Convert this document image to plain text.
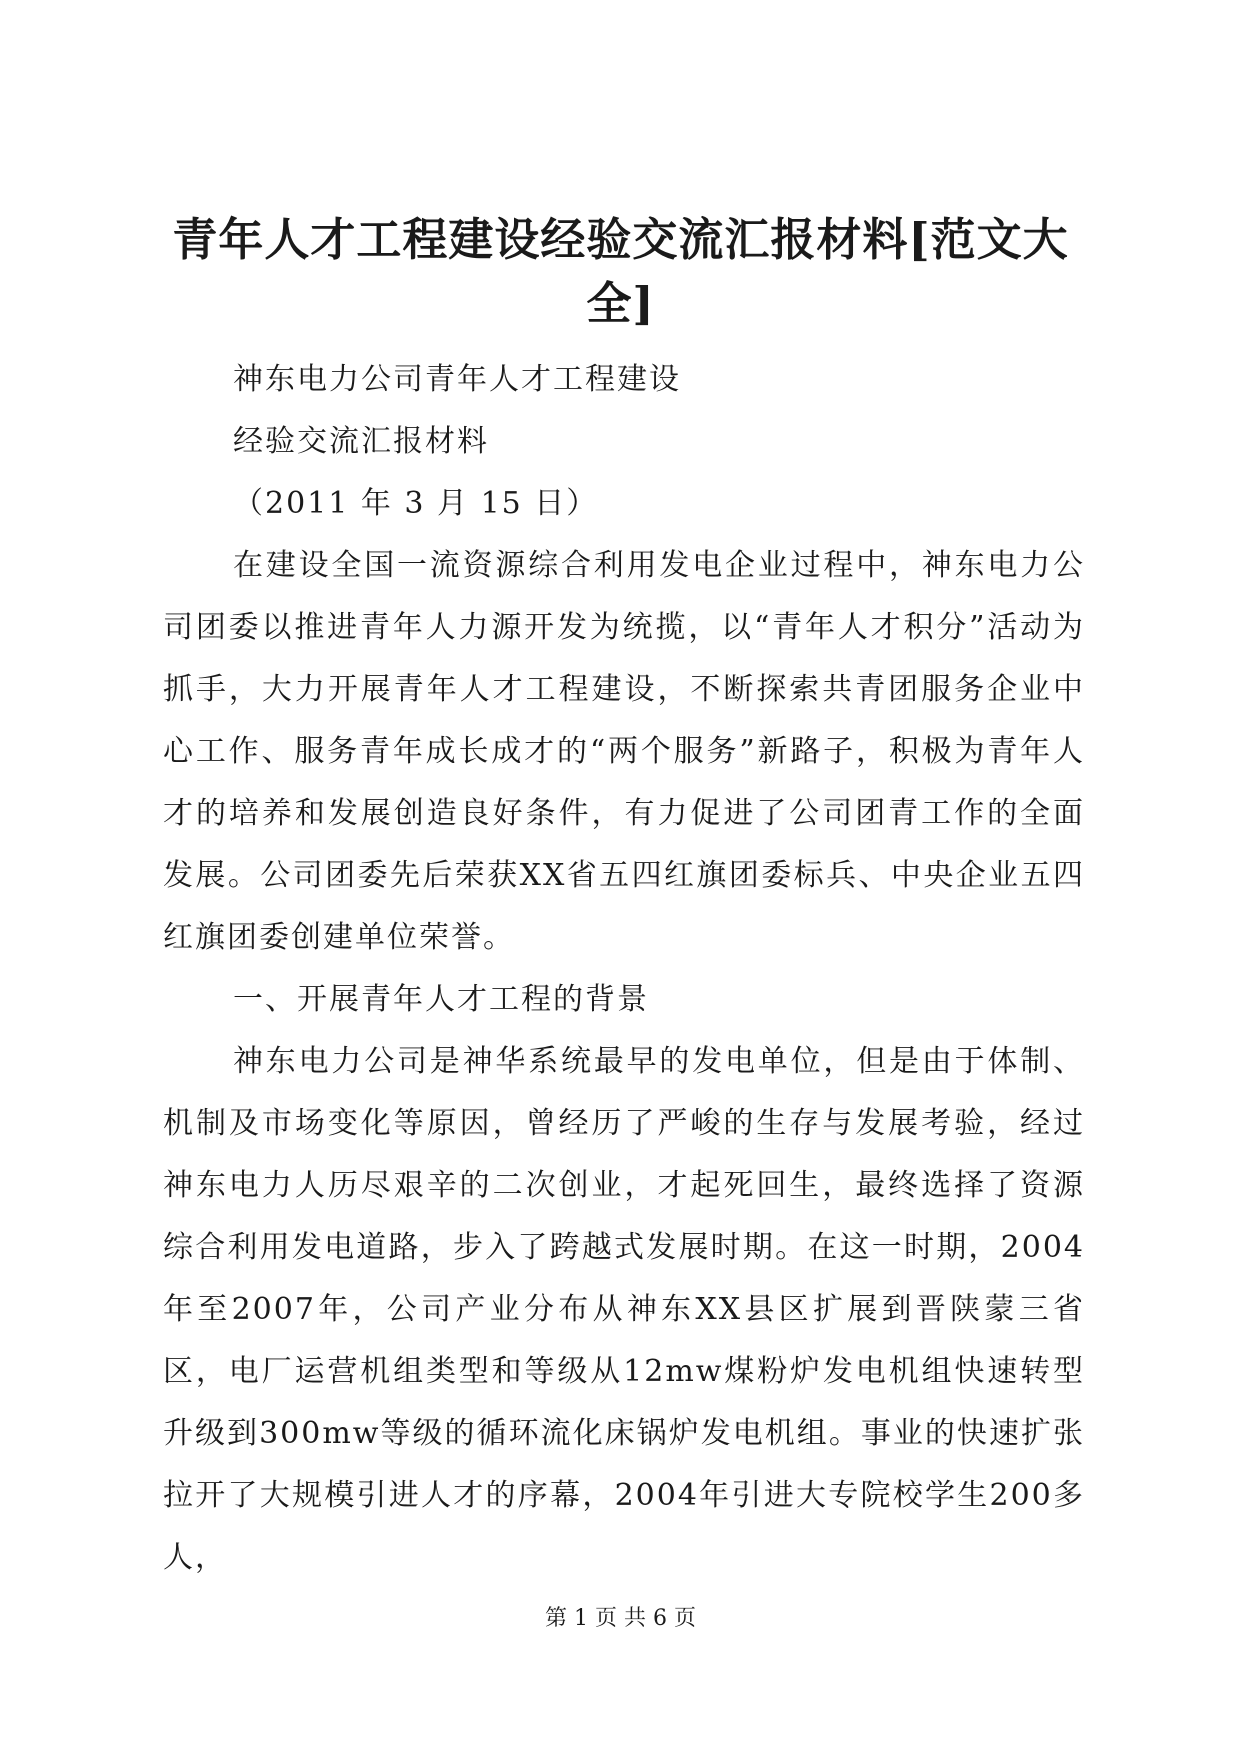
青年人才工程建设经验交流汇报材料[范文大全]

神东电力公司青年人才工程建设

经验交流汇报材料

（2011 年 3 月 15 日）

在建设全国一流资源综合利用发电企业过程中，神东电力公司团委以推进青年人力源开发为统揽，以“青年人才积分”活动为抓手，大力开展青年人才工程建设，不断探索共青团服务企业中心工作、服务青年成长成才的“两个服务”新路子，积极为青年人才的培养和发展创造良好条件，有力促进了公司团青工作的全面发展。公司团委先后荣获XX省五四红旗团委标兵、中央企业五四红旗团委创建单位荣誉。

一、开展青年人才工程的背景

神东电力公司是神华系统最早的发电单位，但是由于体制、机制及市场变化等原因，曾经历了严峻的生存与发展考验，经过神东电力人历尽艰辛的二次创业，才起死回生，最终选择了资源综合利用发电道路，步入了跨越式发展时期。在这一时期，2004年至2007年，公司产业分布从神东XX县区扩展到晋陕蒙三省区，电厂运营机组类型和等级从12mw煤粉炉发电机组快速转型升级到300mw等级的循环流化床锅炉发电机组。事业的快速扩张拉开了大规模引进人才的序幕，2004年引进大专院校学生200多人，

第 1 页 共 6 页
